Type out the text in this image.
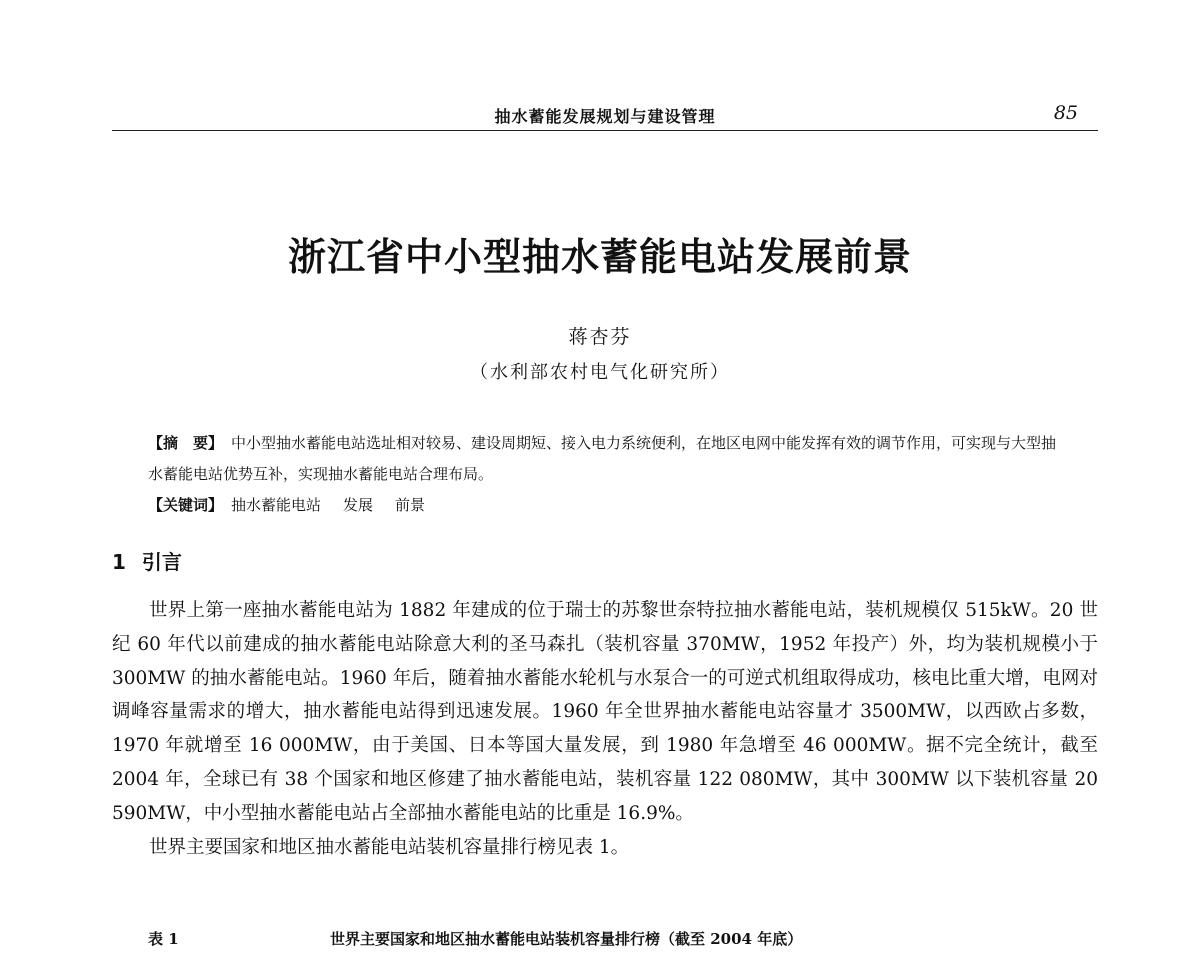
抽水蓄能发展规划与建设管理	85
浙江省中小型抽水蓄能电站发展前景
蒋杏芬
（水利部农村电气化研究所）

【摘　要】 中小型抽水蓄能电站选址相对较易、建设周期短、接入电力系统便利，在地区电网中能发挥有效的调节作用，可实现与大型抽水蓄能电站优势互补，实现抽水蓄能电站合理布局。

【关键词】 抽水蓄能电站 发展 前景

1 引言

世界上第一座抽水蓄能电站为 1882 年建成的位于瑞士的苏黎世奈特拉抽水蓄能电站，装机规模仅 515kW。20 世纪 60 年代以前建成的抽水蓄能电站除意大利的圣马森扎（装机容量 370MW，1952 年投产）外，均为装机规模小于 300MW 的抽水蓄能电站。1960 年后，随着抽水蓄能水轮机与水泵合一的可逆式机组取得成功，核电比重大增，电网对调峰容量需求的增大，抽水蓄能电站得到迅速发展。1960 年全世界抽水蓄能电站容量才 3500MW，以西欧占多数，1970 年就增至 16 000MW，由于美国、日本等国大量发展，到 1980 年急增至 46 000MW。据不完全统计，截至 2004 年，全球已有 38 个国家和地区修建了抽水蓄能电站，装机容量 122 080MW，其中 300MW 以下装机容量 20 590MW，中小型抽水蓄能电站占全部抽水蓄能电站的比重是 16.9%。

世界主要国家和地区抽水蓄能电站装机容量排行榜见表 1。

表 1	世界主要国家和地区抽水蓄能电站装机容量排行榜（截至 2004 年底）
